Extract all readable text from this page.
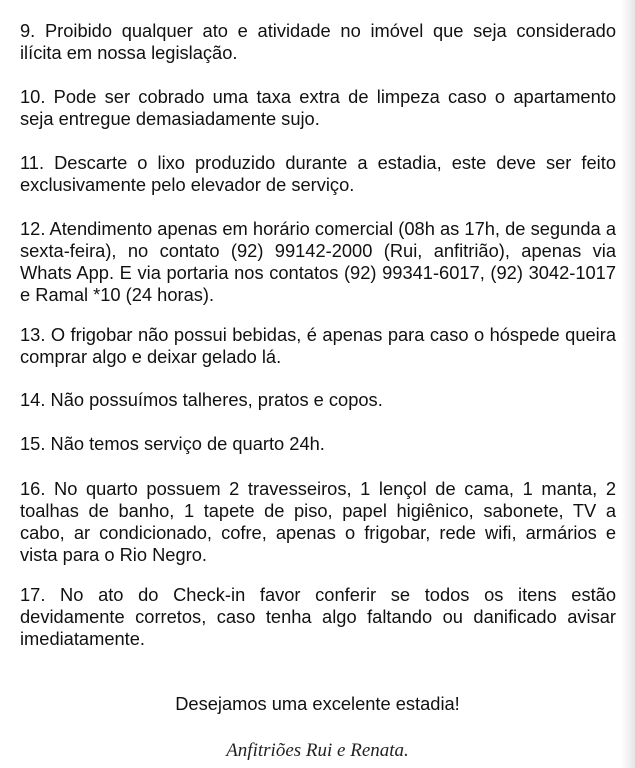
9. Proibido qualquer ato e atividade no imóvel que seja considerado ilícita em nossa legislação.

10. Pode ser cobrado uma taxa extra de limpeza caso o apartamento seja entregue demasiadamente sujo.

11. Descarte o lixo produzido durante a estadia, este deve ser feito exclusivamente pelo elevador de serviço.

12. Atendimento apenas em horário comercial (08h as 17h, de segunda a sexta-feira), no contato (92) 99142-2000 (Rui, anfitrião), apenas via Whats App. E via portaria nos contatos (92) 99341-6017, (92) 3042-1017 e Ramal *10 (24 horas).

13. O frigobar não possui bebidas, é apenas para caso o hóspede queira comprar algo e deixar gelado lá.

14. Não possuímos talheres, pratos e copos.

15. Não temos serviço de quarto 24h.

16. No quarto possuem 2 travesseiros, 1 lençol de cama, 1 manta, 2 toalhas de banho, 1 tapete de piso, papel higiênico, sabonete, TV a cabo, ar condicionado, cofre, apenas o frigobar, rede wifi, armários e vista para o Rio Negro.

17. No ato do Check-in favor conferir se todos os itens estão devidamente corretos, caso tenha algo faltando ou danificado avisar imediatamente.

Desejamos uma excelente estadia!

Anfitriões Rui e Renata.
